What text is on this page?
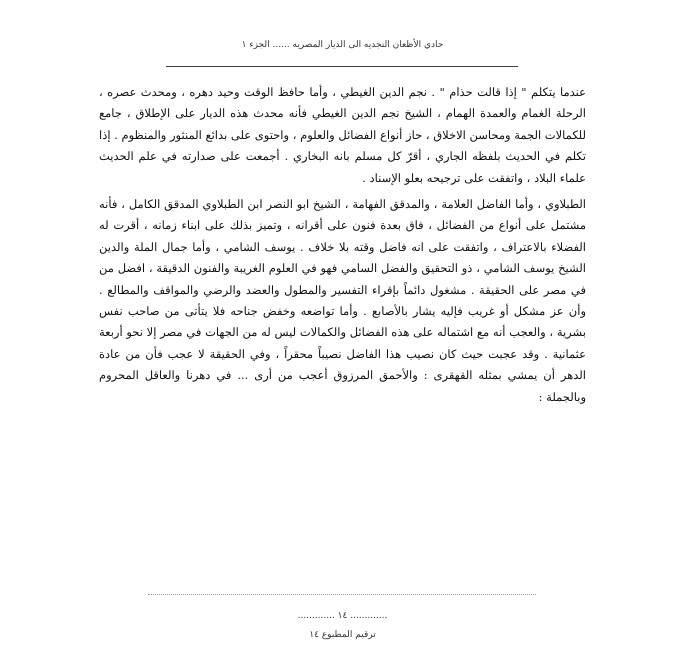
حادي الأظعان النجديه الى الديار المصريه ...... الجزء ١

عندما يتكلم " إذا قالت حذام " . نجم الدين الغيطي ، وأما حافظ الوقت وحيد دهره ، ومحدث عصره ، الرحلة الغمام والعمدة الهمام ، الشيخ نجم الدين الغيطي فأنه محدث هذه الديار على الإطلاق ، جامع للكمالات الجمة ومحاسن الاخلاق ، حاز أنواع الفضائل والعلوم ، واحتوى على بدائع المنثور والمنظوم . إذا تكلم في الحديث بلفظه الجاري ، أقرّ كل مسلم بانه البخاري . أجمعت على صدارته في علم الحديث علماء البلاد ، واتفقت على ترجيحه بعلو الإسناد .

الطبلاوي ، وأما الفاضل العلامة ، والمدقق الفهامة ، الشيخ ابو النصر ابن الطبلاوي المدقق الكامل ، فأنه مشتمل على أنواع من الفضائل ، فاق بعدة فنون على أقرانه ، وتميز بذلك على ابناء زمانه ، أقرت له الفضلاء بالاعتراف ، واتفقت على انه فاضل وقته بلا خلاف . يوسف الشامي ، وأما جمال الملة والدين الشيخ يوسف الشامي ، ذو التحقيق والفضل السامي فهو في العلوم الغريبة والفنون الدقيقة ، افضل من في مصر على الحقيقة . مشغول دائماً بإقراء التفسير والمطول والعضد والرضي والمواقف والمطالع . وأن عز مشكل أو غريب فإليه يشار بالأصابع . وأما تواضعه وخفض جناحه فلا يتأتى من صاحب نفس بشرية ، والعجب أنه مع اشتماله على هذه الفضائل والكمالات ليس له من الجهات في مصر إلا نحو أربعة عثمانية . وقد عجبت حيث كان نصيب هذا الفاضل نصيباً محقراً ، وفي الحقيقة لا عجب فأن من عادة الدهر أن يمشي بمثله القهقرى : والأحمق المرزوق أعجب من أرى ... في دهرنا والعاقل المحروم وبالجملة :

............. ١٤ .............
ترقيم المطبوع ١٤
